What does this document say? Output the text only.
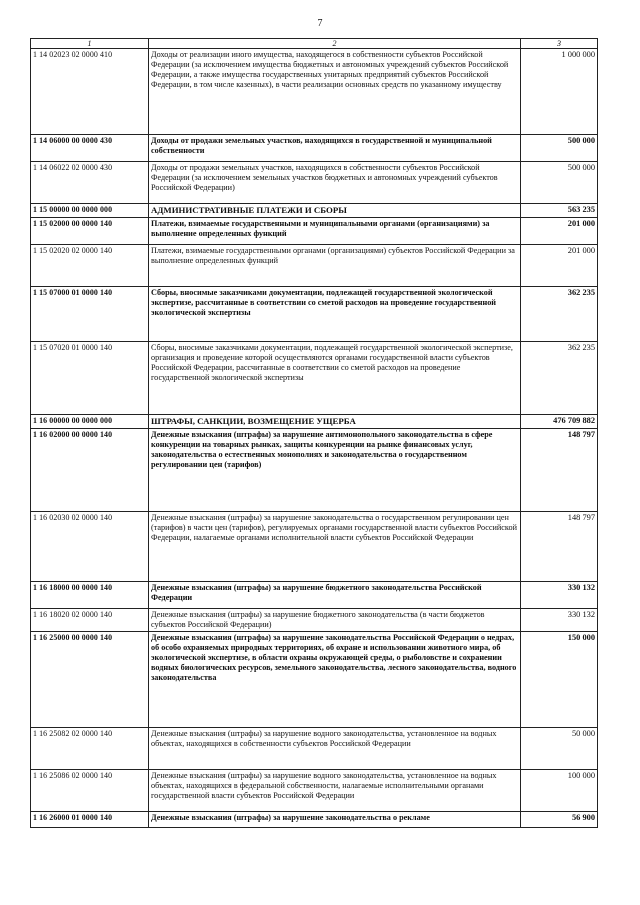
7
1	2	3
1 14 02023 02 0000 410	Доходы от реализации иного имущества, находящегося в собственности субъектов Российской Федерации (за исключением имущества бюджетных и автономных учреждений субъектов Российской Федерации, а также имущества государственных унитарных предприятий субъектов Российской Федерации, в том числе казенных), в части реализации основных средств по указанному имуществу	1 000 000
1 14 06000 00 0000 430	Доходы от продажи земельных участков, находящихся в государственной и муниципальной собственности	500 000
1 14 06022 02 0000 430	Доходы от продажи земельных участков, находящихся в собственности субъектов Российской Федерации (за исключением земельных участков бюджетных и автономных учреждений субъектов Российской Федерации)	500 000
1 15 00000 00 0000 000	АДМИНИСТРАТИВНЫЕ ПЛАТЕЖИ И СБОРЫ	563 235
1 15 02000 00 0000 140	Платежи, взимаемые государственными и муниципальными органами (организациями) за выполнение определенных функций	201 000
1 15 02020 02 0000 140	Платежи, взимаемые государственными органами (организациями) субъектов Российской Федерации за выполнение определенных функций	201 000
1 15 07000 01 0000 140	Сборы, вносимые заказчиками документации, подлежащей государственной экологической экспертизе, рассчитанные в соответствии со сметой расходов на проведение государственной экологической экспертизы	362 235
1 15 07020 01 0000 140	Сборы, вносимые заказчиками документации, подлежащей государственной экологической экспертизе, организация и проведение которой осуществляются органами государственной власти субъектов Российской Федерации, рассчитанные в соответствии со сметой расходов на проведение государственной экологической экспертизы	362 235
1 16 00000 00 0000 000	ШТРАФЫ, САНКЦИИ, ВОЗМЕЩЕНИЕ УЩЕРБА	476 709 882
1 16 02000 00 0000 140	Денежные взыскания (штрафы) за нарушение антимонопольного законодательства в сфере конкуренции на товарных рынках, защиты конкуренции на рынке финансовых услуг, законодательства о естественных монополиях и законодательства о государственном регулировании цен (тарифов)	148 797
1 16 02030 02 0000 140	Денежные взыскания (штрафы) за нарушение законодательства о государственном регулировании цен (тарифов) в части цен (тарифов), регулируемых органами государственной власти субъектов Российской Федерации, налагаемые органами исполнительной власти субъектов Российской Федерации	148 797
1 16 18000 00 0000 140	Денежные взыскания (штрафы) за нарушение бюджетного законодательства Российской Федерации	330 132
1 16 18020 02 0000 140	Денежные взыскания (штрафы) за нарушение бюджетного законодательства (в части бюджетов субъектов Российской Федерации)	330 132
1 16 25000 00 0000 140	Денежные взыскания (штрафы) за нарушение законодательства Российской Федерации о недрах, об особо охраняемых природных территориях, об охране и использовании животного мира, об экологической экспертизе, в области охраны окружающей среды, о рыболовстве и сохранении водных биологических ресурсов, земельного законодательства, лесного законодательства, водного законодательства	150 000
1 16 25082 02 0000 140	Денежные взыскания (штрафы) за нарушение водного законодательства, установленное на водных объектах, находящихся в собственности субъектов Российской Федерации	50 000
1 16 25086 02 0000 140	Денежные взыскания (штрафы) за нарушение водного законодательства, установленное на водных объектах, находящихся в федеральной собственности, налагаемые исполнительными органами государственной власти субъектов Российской Федерации	100 000
1 16 26000 01 0000 140	Денежные взыскания (штрафы) за нарушение законодательства о рекламе	56 900
